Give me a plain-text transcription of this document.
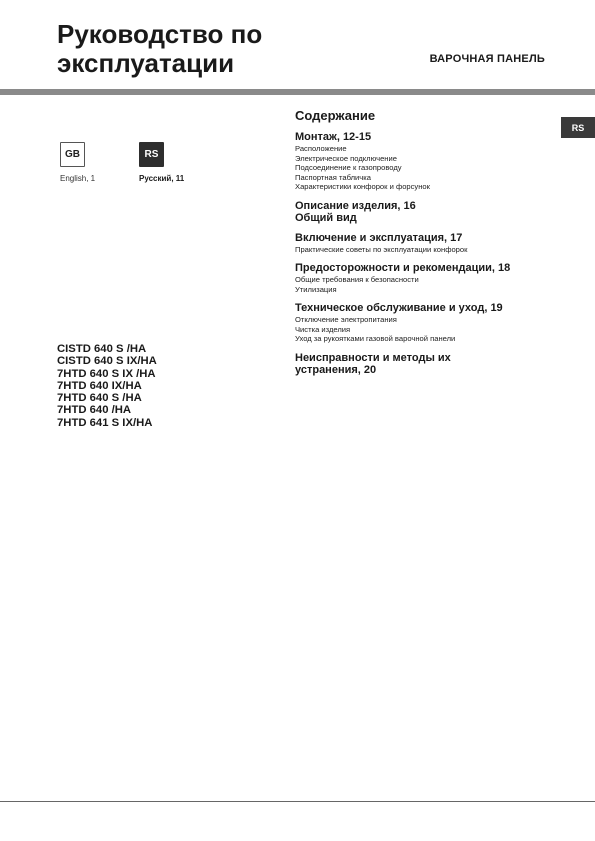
Руководство по
эксплуатации	ВАРОЧНАЯ ПАНЕЛЬ
RS
GB
English, 1
RS
Русский, 11
CISTD 640 S /HA
CISTD 640 S IX/HA
7HTD 640 S IX /HA
7HTD 640 IX/HA
7HTD 640 S /HA
7HTD 640 /HA
7HTD 641 S IX/HA
Содержание
Монтаж, 12-15
Расположение
Электрическое подключение
Подсоединение к газопроводу
Паспортная табличка
Характеристики конфорок и форсунок
Описание изделия, 16
Общий вид
Включение и эксплуатация, 17
Практические советы по эксплуатации конфорок
Предосторожности и рекомендации, 18
Общие требования к безопасности
Утилизация
Техническое обслуживание и уход, 19
Отключение электропитания
Чистка изделия
Уход за рукоятками газовой варочной панели
Неисправности и методы их
устранения, 20
